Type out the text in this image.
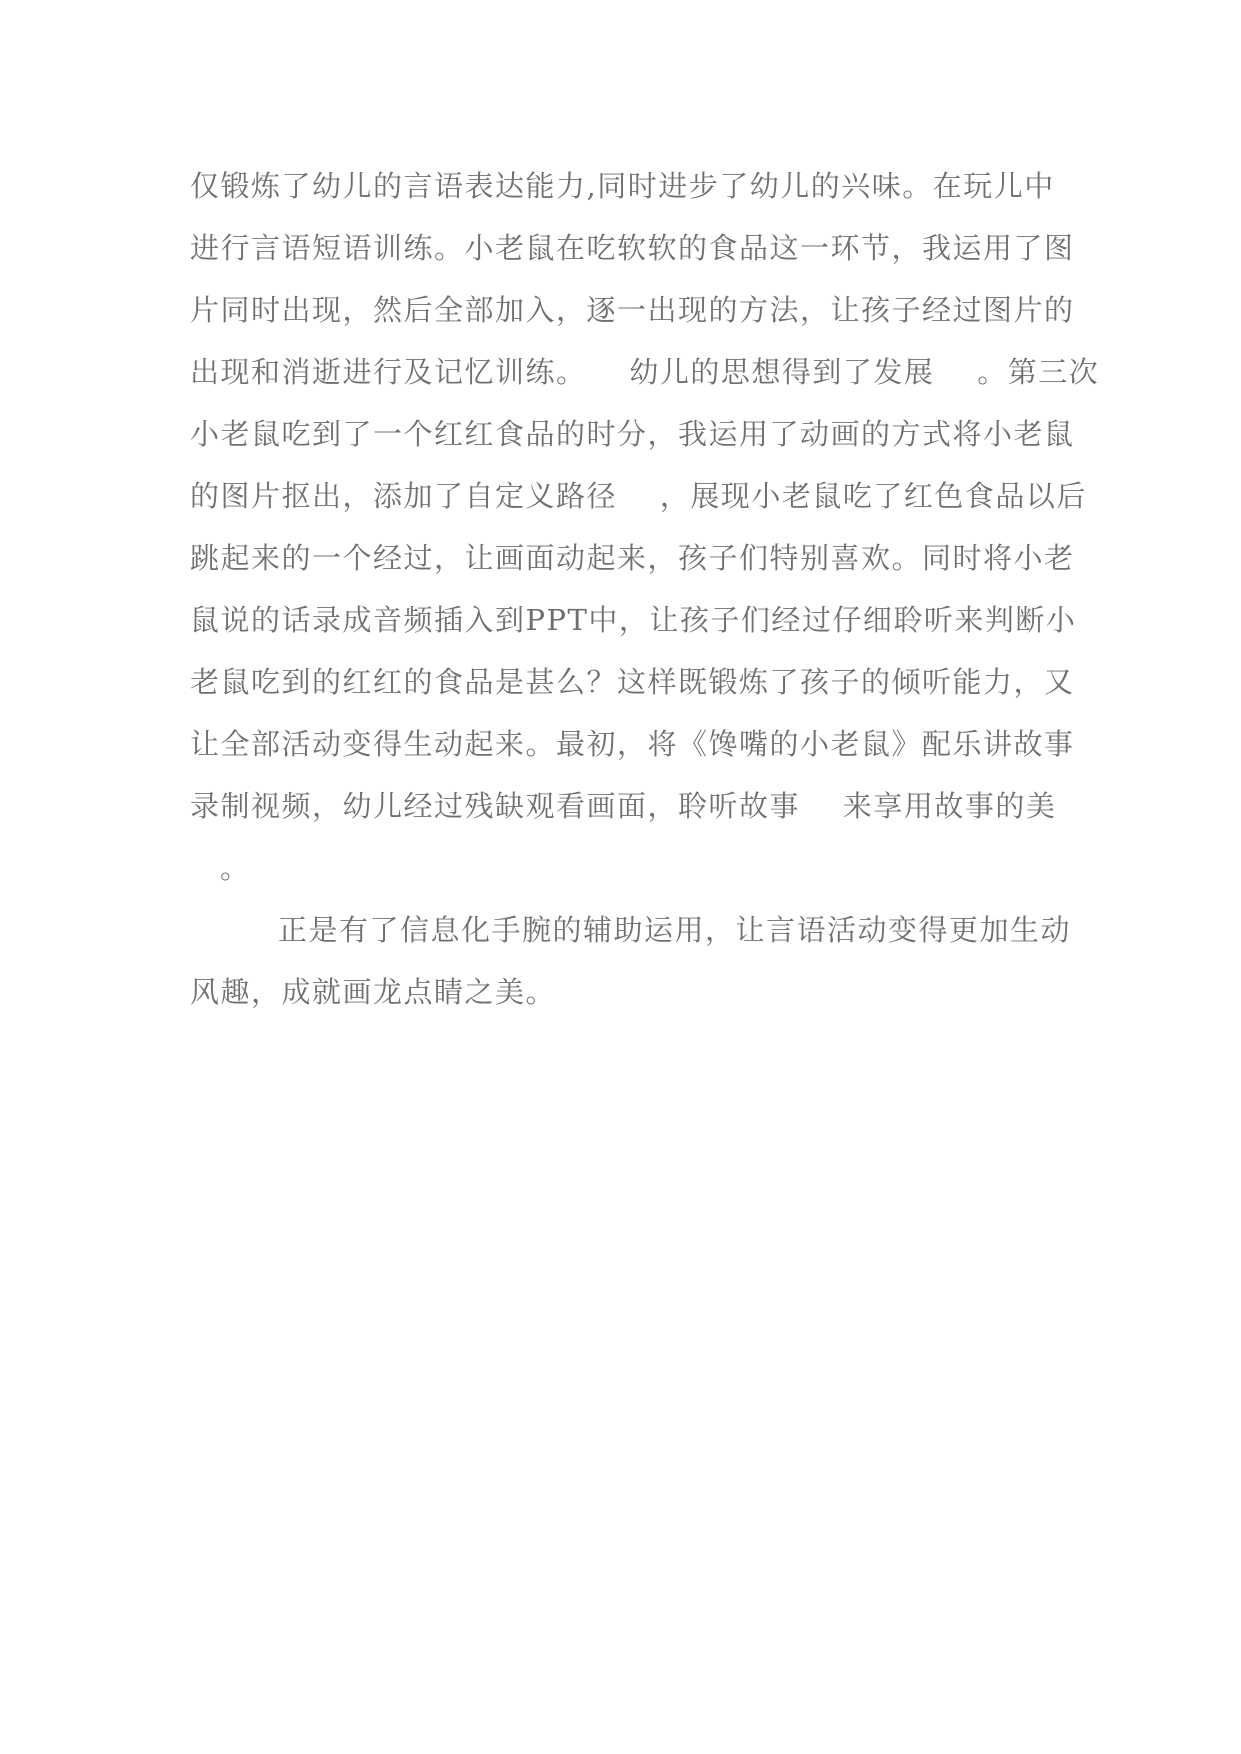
仅锻炼了幼儿的言语表达能力,同时进步了幼儿的兴味。在玩儿中
进行言语短语训练。小老鼠在吃软软的食品这一环节，我运用了图
片同时出现，然后全部加入，逐一出现的方法，让孩子经过图片的
出现和消逝进行及记忆训练。    幼儿的思想得到了发展    。第三次
小老鼠吃到了一个红红食品的时分，我运用了动画的方式将小老鼠
的图片抠出，添加了自定义路径    ，展现小老鼠吃了红色食品以后
跳起来的一个经过，让画面动起来，孩子们特别喜欢。同时将小老
鼠说的话录成音频插入到PPT中，让孩子们经过仔细聆听来判断小
老鼠吃到的红红的食品是甚么？这样既锻炼了孩子的倾听能力，又
让全部活动变得生动起来。最初，将《馋嘴的小老鼠》配乐讲故事
录制视频，幼儿经过残缺观看画面，聆听故事    来享用故事的美
。
正是有了信息化手腕的辅助运用，让言语活动变得更加生动
风趣，成就画龙点睛之美。
